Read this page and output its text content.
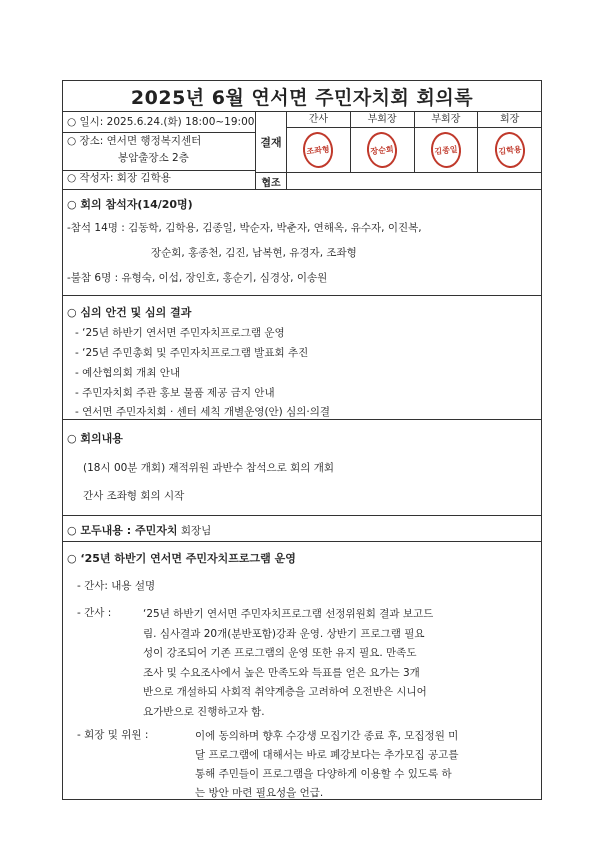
2025년 6월 연서면 주민자치회 회의록
○ 일시: 2025.6.24.(화) 18:00~19:00
○ 장소: 연서면 행정복지센터
봉암출장소 2층
○ 작성자: 회장 김학용
결재
간사
조좌형
부회장
장순회
부회장
김종일
회장
김학용
협조
○ 회의 참석자(14/20명)
-참석 14명 : 김동학, 김학용, 김종일, 박순자, 박춘자, 연해옥, 유수자, 이진복,
장순회, 홍종천, 김진, 남복현, 유경자, 조좌형
-불참 6명 : 유형숙, 이섭, 장인호, 홍순기, 심경상, 이송원
○ 심의 안건 및 심의 결과
- ‘25년 하반기 연서면 주민자치프로그램 운영
- ‘25년 주민총회 및 주민자치프로그램 발표회 추진
- 예산협의회 개최 안내
- 주민자치회 주관 홍보 물품 제공 금지 안내
- 연서면 주민자치회 · 센터 세칙 개별운영(안) 심의·의결
○ 회의내용
(18시 00분 개회) 재적위원 과반수 참석으로 회의 개회
간사 조좌형 회의 시작
○ 모두내용 : 주민자치 회장님
○ ‘25년 하반기 연서면 주민자치프로그램 운영
- 간사: 내용 설명
- 간사 :	‘25년 하반기 연서면 주민자치프로그램 선정위원회 결과 보고드
림. 심사결과 20개(분반포함)강좌 운영. 상반기 프로그램 필요
성이 강조되어 기존 프로그램의 운영 또한 유지 필요. 만족도
조사 및 수요조사에서 높은 만족도와 득표를 얻은 요가는 3개
반으로 개설하되 사회적 취약계층을 고려하여 오전반은 시니어
요가반으로 진행하고자 함.
- 회장 및 위원 :	이에 동의하며 향후 수강생 모집기간 종료 후, 모집정원 미
달 프로그램에 대해서는 바로 폐강보다는 추가모집 공고를
통해 주민들이 프로그램을 다양하게 이용할 수 있도록 하
는 방안 마련 필요성을 언급.
